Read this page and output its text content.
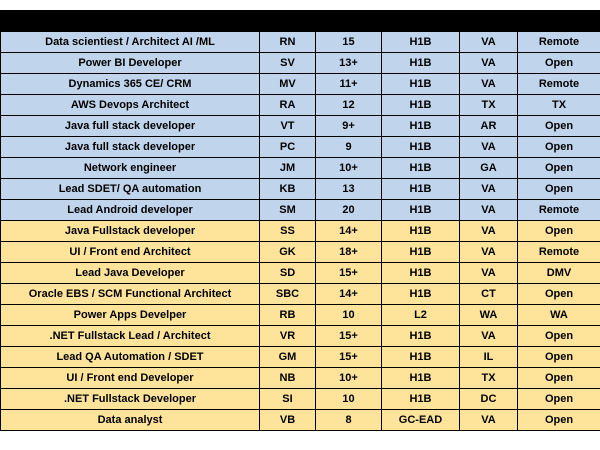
Data scientiest / Architect AI /ML	RN	15	H1B	VA	Remote
Power BI Developer	SV	13+	H1B	VA	Open
Dynamics 365 CE/ CRM	MV	11+	H1B	VA	Remote
AWS Devops Architect	RA	12	H1B	TX	TX
Java full stack developer	VT	9+	H1B	AR	Open
Java full stack developer	PC	9	H1B	VA	Open
Network engineer	JM	10+	H1B	GA	Open
Lead SDET/ QA automation	KB	13	H1B	VA	Open
Lead Android developer	SM	20	H1B	VA	Remote
Java Fullstack developer	SS	14+	H1B	VA	Open
UI / Front end Architect	GK	18+	H1B	VA	Remote
Lead Java Developer	SD	15+	H1B	VA	DMV
Oracle EBS / SCM Functional Architect	SBC	14+	H1B	CT	Open
Power Apps Develper	RB	10	L2	WA	WA
.NET Fullstack Lead / Architect	VR	15+	H1B	VA	Open
Lead QA Automation / SDET	GM	15+	H1B	IL	Open
UI / Front end Developer	NB	10+	H1B	TX	Open
.NET Fullstack Developer	SI	10	H1B	DC	Open
Data analyst	VB	8	GC-EAD	VA	Open
